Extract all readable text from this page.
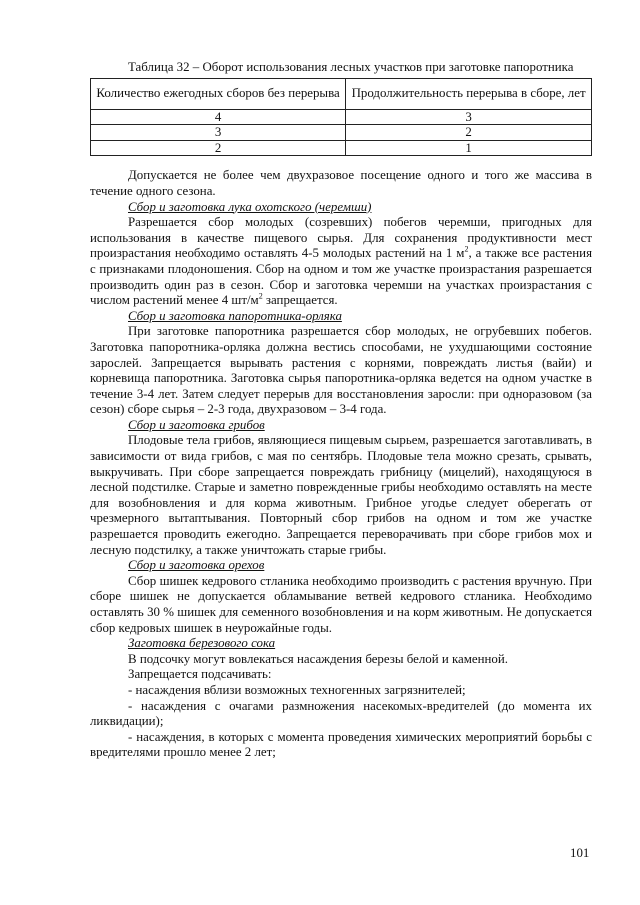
Таблица 32 – Оборот использования лесных участков при заготовке папоротника

Количество ежегодных сборов без перерыва	Продолжительность перерыва в сборе, лет
4	3
3	2
2	1

Допускается не более чем двухразовое посещение одного и того же массива в течение одного сезона.

Сбор и заготовка лука охотского (черемши)

Разрешается сбор молодых (созревших) побегов черемши, пригодных для использования в качестве пищевого сырья. Для сохранения продуктивности мест произрастания необходимо оставлять 4-5 молодых растений на 1 $м^2$, а также все растения с признаками плодоношения. Сбор на одном и том же участке произрастания разрешается производить один раз в сезон. Сбор и заготовка черемши на участках произрастания с числом растений менее 4 $шт/м^2$ запрещается.

Сбор и заготовка папоротника-орляка

При заготовке папоротника разрешается сбор молодых, не огрубевших побегов. Заготовка папоротника-орляка должна вестись способами, не ухудшающими состояние зарослей. Запрещается вырывать растения с корнями, повреждать листья (вайи) и корневища папоротника. Заготовка сырья папоротника-орляка ведется на одном участке в течение 3-4 лет. Затем следует перерыв для восстановления заросли: при одноразовом (за сезон) сборе сырья – 2-3 года, двухразовом – 3-4 года.

Сбор и заготовка грибов

Плодовые тела грибов, являющиеся пищевым сырьем, разрешается заготавливать, в зависимости от вида грибов, с мая по сентябрь. Плодовые тела можно срезать, срывать, выкручивать. При сборе запрещается повреждать грибницу (мицелий), находящуюся в лесной подстилке. Старые и заметно поврежденные грибы необходимо оставлять на месте для возобновления и для корма животным. Грибное угодье следует оберегать от чрезмерного вытаптывания. Повторный сбор грибов на одном и том же участке разрешается проводить ежегодно. Запрещается переворачивать при сборе грибов мох и лесную подстилку, а также уничтожать старые грибы.

Сбор и заготовка орехов

Сбор шишек кедрового стланика необходимо производить с растения вручную. При сборе шишек не допускается обламывание ветвей кедрового стланика. Необходимо оставлять 30 % шишек для семенного возобновления и на корм животным. Не допускается сбор кедровых шишек в неурожайные годы.

Заготовка березового сока

В подсочку могут вовлекаться насаждения березы белой и каменной.

Запрещается подсачивать:

- насаждения вблизи возможных техногенных загрязнителей;

- насаждения с очагами размножения насекомых-вредителей (до момента их ликвидации);

- насаждения, в которых с момента проведения химических мероприятий борьбы с вредителями прошло менее 2 лет;

101
